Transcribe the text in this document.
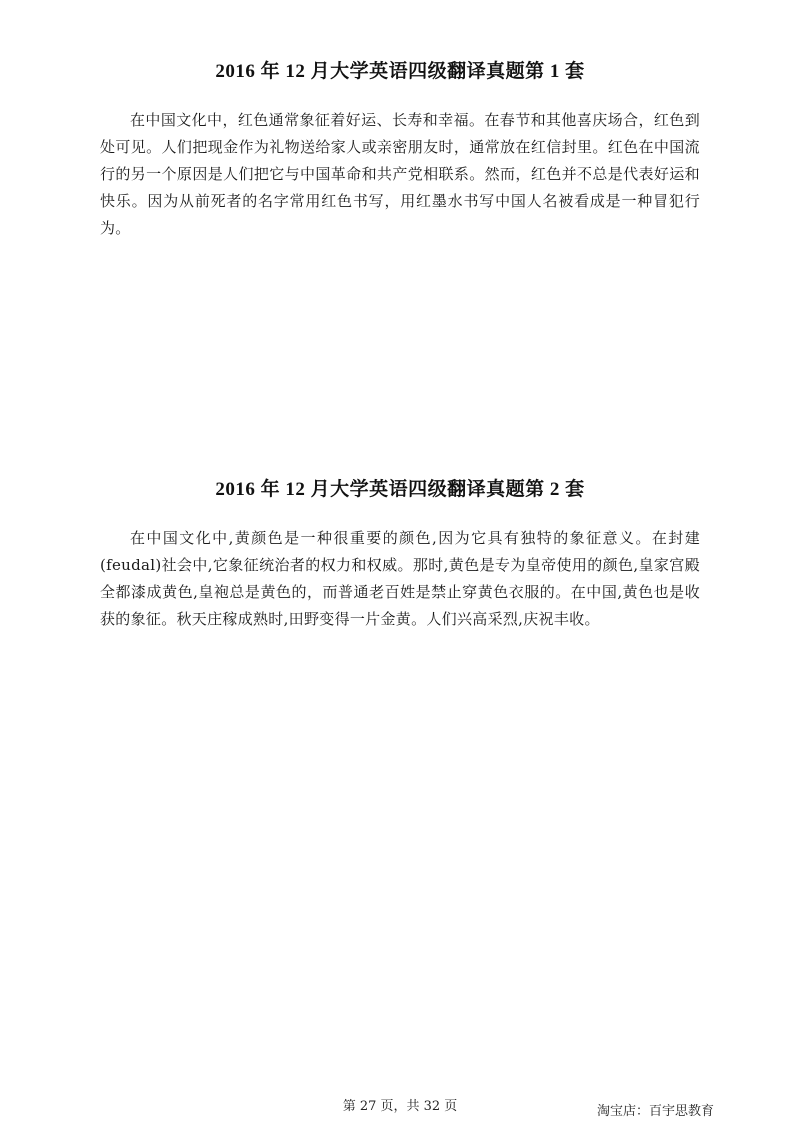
2016 年 12 月大学英语四级翻译真题第 1 套

在中国文化中，红色通常象征着好运、长寿和幸福。在春节和其他喜庆场合，红色到处可见。人们把现金作为礼物送给家人或亲密朋友时，通常放在红信封里。红色在中国流行的另一个原因是人们把它与中国革命和共产党相联系。然而，红色并不总是代表好运和快乐。因为从前死者的名字常用红色书写，用红墨水书写中国人名被看成是一种冒犯行为。

2016 年 12 月大学英语四级翻译真题第 2 套

在中国文化中,黄颜色是一种很重要的颜色,因为它具有独特的象征意义。在封建(feudal)社会中,它象征统治者的权力和权威。那时,黄色是专为皇帝使用的颜色,皇家宫殿全都漆成黄色,皇袍总是黄色的，而普通老百姓是禁止穿黄色衣服的。在中国,黄色也是收获的象征。秋天庄稼成熟时,田野变得一片金黄。人们兴高采烈,庆祝丰收。

第 27 页，共 32 页	淘宝店：百宇思教育
